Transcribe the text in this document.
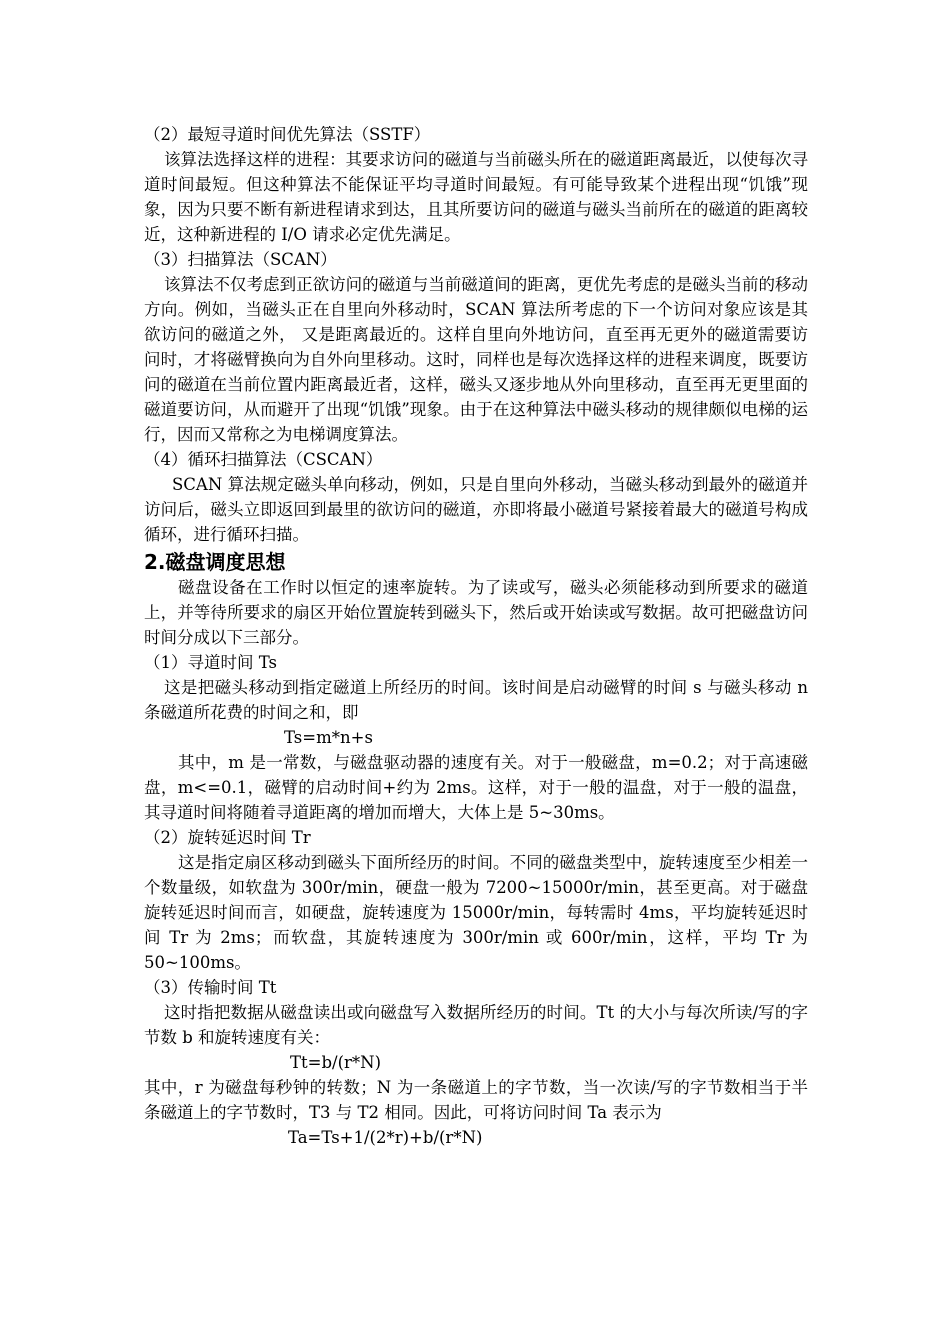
（2）最短寻道时间优先算法（SSTF）

该算法选择这样的进程：其要求访问的磁道与当前磁头所在的磁道距离最近，以使每次寻道时间最短。但这种算法不能保证平均寻道时间最短。有可能导致某个进程出现“饥饿”现象，因为只要不断有新进程请求到达，且其所要访问的磁道与磁头当前所在的磁道的距离较近，这种新进程的 I/O 请求必定优先满足。

（3）扫描算法（SCAN）

该算法不仅考虑到正欲访问的磁道与当前磁道间的距离，更优先考虑的是磁头当前的移动方向。例如，当磁头正在自里向外移动时，SCAN 算法所考虑的下一个访问对象应该是其欲访问的磁道之外， 又是距离最近的。这样自里向外地访问，直至再无更外的磁道需要访问时，才将磁臂换向为自外向里移动。这时，同样也是每次选择这样的进程来调度，既要访问的磁道在当前位置内距离最近者，这样，磁头又逐步地从外向里移动，直至再无更里面的磁道要访问，从而避开了出现“饥饿”现象。由于在这种算法中磁头移动的规律颇似电梯的运行，因而又常称之为电梯调度算法。

（4）循环扫描算法（CSCAN）

SCAN 算法规定磁头单向移动，例如，只是自里向外移动，当磁头移动到最外的磁道并访问后，磁头立即返回到最里的欲访问的磁道，亦即将最小磁道号紧接着最大的磁道号构成循环，进行循环扫描。

2.磁盘调度思想

磁盘设备在工作时以恒定的速率旋转。为了读或写，磁头必须能移动到所要求的磁道上，并等待所要求的扇区开始位置旋转到磁头下，然后或开始读或写数据。故可把磁盘访问时间分成以下三部分。

（1）寻道时间 Ts

这是把磁头移动到指定磁道上所经历的时间。该时间是启动磁臂的时间 s 与磁头移动 n 条磁道所花费的时间之和，即

Ts=m*n+s

其中，m 是一常数，与磁盘驱动器的速度有关。对于一般磁盘，m=0.2；对于高速磁盘，m<=0.1，磁臂的启动时间+约为 2ms。这样，对于一般的温盘，对于一般的温盘，其寻道时间将随着寻道距离的增加而增大，大体上是 5~30ms。

（2）旋转延迟时间 Tr

这是指定扇区移动到磁头下面所经历的时间。不同的磁盘类型中，旋转速度至少相差一个数量级，如软盘为 300r/min，硬盘一般为 7200~15000r/min，甚至更高。对于磁盘旋转延迟时间而言，如硬盘，旋转速度为 15000r/min，每转需时 4ms，平均旋转延迟时间 Tr 为 2ms；而软盘，其旋转速度为 300r/min 或 600r/min，这样，平均 Tr 为 50~100ms。

（3）传输时间 Tt

这时指把数据从磁盘读出或向磁盘写入数据所经历的时间。Tt 的大小与每次所读/写的字节数 b 和旋转速度有关：

Tt=b/(r*N)

其中，r 为磁盘每秒钟的转数；N 为一条磁道上的字节数，当一次读/写的字节数相当于半条磁道上的字节数时，T3 与 T2 相同。因此，可将访问时间 Ta 表示为

Ta=Ts+1/(2*r)+b/(r*N)
